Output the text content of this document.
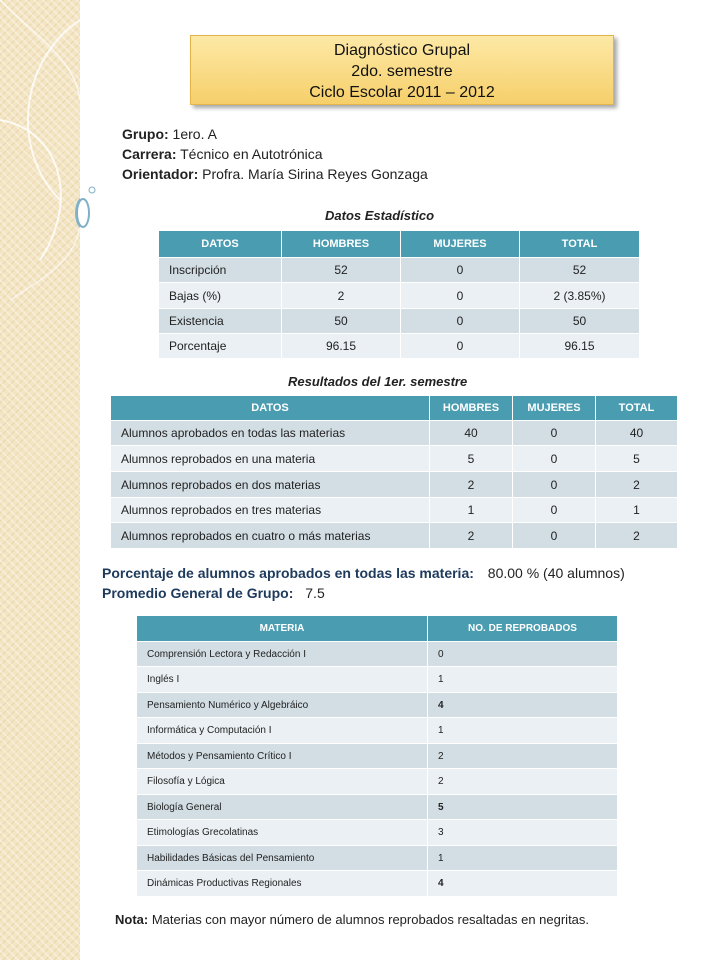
Diagnóstico Grupal
2do. semestre
Ciclo Escolar 2011 – 2012
Grupo: 1ero. A
Carrera: Técnico en Autotrónica
Orientador: Profra. María Sirina Reyes Gonzaga
Datos Estadístico
DATOS	HOMBRES	MUJERES	TOTAL
Inscripción	52	0	52
Bajas (%)	2	0	2 (3.85%)
Existencia	50	0	50
Porcentaje	96.15	0	96.15
Resultados del 1er. semestre
DATOS	HOMBRES	MUJERES	TOTAL
Alumnos aprobados en todas las materias	40	0	40
Alumnos reprobados en una materia	5	0	5
Alumnos reprobados en dos materias	2	0	2
Alumnos reprobados en tres materias	1	0	1
Alumnos reprobados en cuatro o más materias	2	0	2
Porcentaje de alumnos aprobados en todas las materia: 80.00 % (40 alumnos)
Promedio General de Grupo: 7.5
MATERIA	NO. DE REPROBADOS
Comprensión Lectora y Redacción I	0
Inglés I	1
Pensamiento Numérico y Algebráico	4
Informática y Computación I	1
Métodos y Pensamiento Crítico I	2
Filosofía y Lógica	2
Biología General	5
Etimologías Grecolatinas	3
Habilidades Básicas del Pensamiento	1
Dinámicas Productivas Regionales	4
Nota: Materias con mayor número de alumnos reprobados resaltadas en negritas.
